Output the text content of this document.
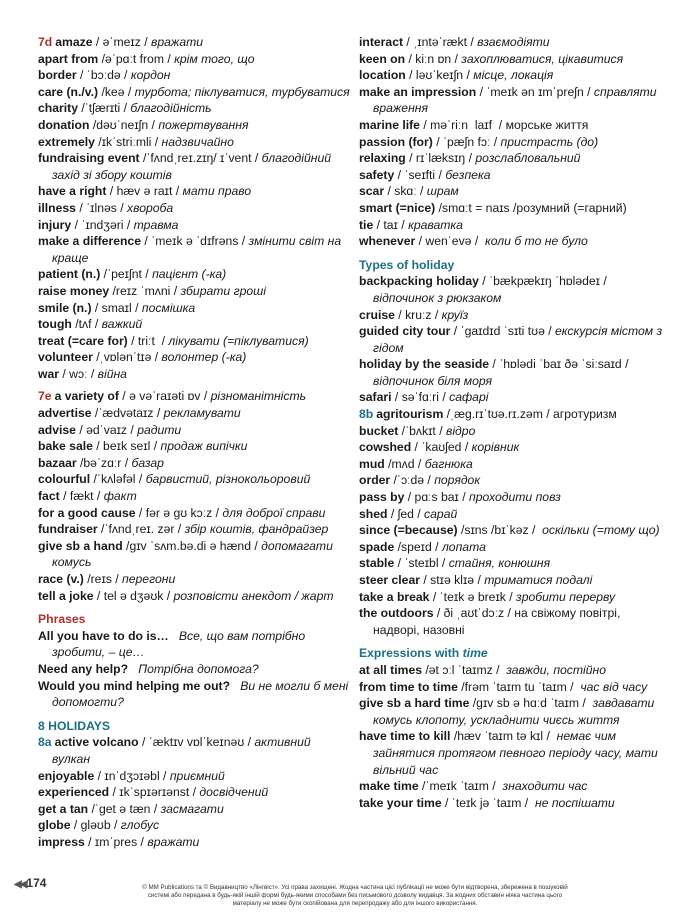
7d amaze / əˈmeɪz / вражати
apart from /əˈpɑːt from / крім того, що
border / ˈbɔːdə / кордон
care (n./v.) /keə / турбота; піклуватися, турбуватися
charity /ˈtʃærɪti / благодійність
donation /dəʊˈneɪʃn / пожертвування
extremely /ɪkˈstriːmli / надзвичайно
fundraising event /ˈfʌndˌreɪ.zɪŋ/ ɪˈvent / благодійний захід зі збору коштів
have a right / hæv ə raɪt / мати право
illness / ˈɪlnəs / хвороба
injury / ˈɪndʒəri / травма
make a difference / ˈmeɪk ə ˈdɪfrəns / змінити світ на краще
patient (n.) /ˈpeɪʃnt / пацієнт (-ка)
raise money /reɪz ˈmʌni / збирати гроші
smile (n.) / smaɪl / посмішка
tough /tʌf / важкий
treat (=care for) / triːt  / лікувати (=піклуватися)
volunteer /ˌvɒlənˈtɪə / волонтер (-ка)
war / wɔː / війна
7e a variety of / ə vəˈraɪəti ɒv / різноманітність
advertise /ˈædvətaɪz / рекламувати
advise / ədˈvaɪz / радити
bake sale / beɪk seɪl / продаж випічки
bazaar /bəˈzɑːr / базар
colourful /ˈkʌləfəl / барвистий, різнокольоровий
fact / fækt / факт
for a good cause / fər ə gʊ kɔːz / для доброї справи
fundraiser /ˈfʌndˌreɪ. zər / збір коштів, фандрайзер
give sb a hand /gɪv ˈsʌm.bə.di ə hænd / допомагати комусь
race (v.) /reɪs / перегони
tell a joke / tel ə dʒəʊk / розповісти анекдот / жарт
Phrases
All you have to do is… Все, що вам потрібно зробити, – це…
Need any help? Потрібна допомога?
Would you mind helping me out? Ви не могли б мені допомогти?
8 HOLIDAYS
8a active volcano / ˈæktɪv vɒlˈkeɪnəʊ / активний вулкан
enjoyable / ɪnˈdʒɔɪəbl / приємний
experienced / ɪkˈspɪərɪənst / досвідчений
get a tan /ˈget ə tæn / засмагати
globe / gləʊb / глобус
impress / ɪmˈpres / вражати
interact / ˌɪntəˈrækt / взаємодіяти
keen on / kiːn ɒn / захоплюватися, цікавитися
location / ləʊˈkeɪʃn / місце, локація
make an impression / ˈmeɪk ən ɪmˈpreʃn / справляти враження
marine life / məˈriːn  laɪf  / морське життя
passion (for) / ˈpæʃn fɔː / пристрасть (до)
relaxing / rɪˈlæksɪŋ / розслабловальний
safety / ˈseɪfti / безпека
scar / skɑː / шрам
smart (=nice) /smɑːt = naɪs /розумний (=гарний)
tie / taɪ / краватка
whenever / wenˈevə /  коли б то не було
Types of holiday
backpacking holiday / ˈbækpækɪŋ ˈhɒlədeɪ / відпочинок з рюкзаком
cruise / kruːz / круїз
guided city tour / ˈgaɪdɪd ˈsɪti tʊə / екскурсія містом з гідом
holiday by the seaside / ˈhɒlədi ˈbaɪ ðə ˈsiːsaɪd / відпочинок біля моря
safari / səˈfɑːri / сафарі
8b agritourism /ˌæg.rɪˈtʊə.rɪ.zəm / агротуризм
bucket /ˈbʌkɪt / відро
cowshed / ˈkaʊʃed / корівник
mud /mʌd / багнюка
order /ˈɔːdə / порядок
pass by / pɑːs baɪ / проходити повз
shed / ʃed / сарай
since (=because) /sɪns /bɪˈkəz /  оскільки (=тому що)
spade /speɪd / лопата
stable / ˈsteɪbl / стайня, конюшня
steer clear / stɪə klɪə / триматися подалі
take a break / ˈteɪk ə breɪk / зробити перерву
the outdoors / ði ˌaʊtˈdɔːz / на свіжому повітрі, надворі, назовні
Expressions with time
at all times /ət ɔːl ˈtaɪmz /  завжди, постійно
from time to time /frəm ˈtaɪm tu ˈtaɪm /  час від часу
give sb a hard time /gɪv sb ə hɑːd ˈtaɪm /  завдавати комусь клопоту, ускладнити чиєсь життя
have time to kill /hæv ˈtaɪm tə kɪl /  немає чим зайнятися протягом певного періоду часу, мати вільний час
make time /ˈmeɪk ˈtaɪm /  знаходити час
take your time / ˈteɪk jə ˈtaɪm /  не поспішати
◀◀174	© MM Publications та © Видавництво «Лінгвіст». Усі права захищені. Жодна частина цієї публікації не може бути відтворена, збережена в пошуковій системі або передана в будь-якій іншій формі будь-якими способами без письмового дозволу видавця. За жодних обставин ніяка частина цього матеріалу не може бути скопійована для перепродажу або для іншого використання.
